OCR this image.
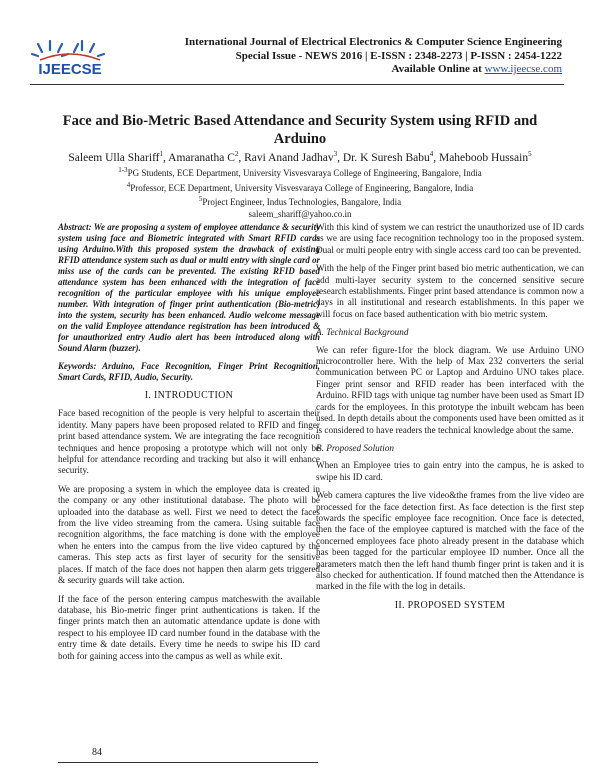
IJEECSE
International Journal of Electrical Electronics & Computer Science Engineering
Special Issue - NEWS 2016 | E-ISSN : 2348-2273 | P-ISSN : 2454-1222
Available Online at www.ijeecse.com
Face and Bio-Metric Based Attendance and Security System using RFID and Arduino
Saleem Ulla Shariff$^1$, Amaranatha $C^2$, Ravi Anand Jadhav$^3$, Dr. K Suresh Babu$^4$, Maheboob Hussain$^5$
$^{1-3}$PG Students, ECE Department, University Visvesvaraya College of Engineering, Bangalore, India
$^4$Professor, ECE Department, University Visvesvaraya College of Engineering, Bangalore, India
$^5$Project Engineer, Indus Technologies, Bangalore, India
saleem_shariff@yahoo.co.in

Abstract: We are proposing a system of employee attendance & security system using face and Biometric integrated with Smart RFID cards using Arduino.With this proposed system the drawback of existing RFID attendance system such as dual or multi entry with single card or miss use of the cards can be prevented. The existing RFID based attendance system has been enhanced with the integration of face recognition of the particular employee with his unique employee number. With integration of finger print authentication (Bio-metric) into the system, security has been enhanced. Audio welcome message on the valid Employee attendance registration has been introduced & for unauthorized entry Audio alert has been introduced along with Sound Alarm (buzzer).

Keywords: Arduino, Face Recognition, Finger Print Recognition, Smart Cards, RFID, Audio, Security.

I. INTRODUCTION

Face based recognition of the people is very helpful to ascertain their identity. Many papers have been proposed related to RFID and finger print based attendance system. We are integrating the face recognition techniques and hence proposing a prototype which will not only be helpful for attendance recording and tracking but also it will enhance security.

We are proposing a system in which the employee data is created in the company or any other institutional database. The photo will be uploaded into the database as well. First we need to detect the faces from the live video streaming from the camera. Using suitable face recognition algorithms, the face matching is done with the employee when he enters into the campus from the live video captured by the cameras. This step acts as first layer of security for the sensitive places. If match of the face does not happen then alarm gets triggered & security guards will take action.

If the face of the person entering campus matcheswith the available database, his Bio-metric finger print authentications is taken. If the finger prints match then an automatic attendance update is done with respect to his employee ID card number found in the database with the entry time & date details. Every time he needs to swipe his ID card both for gaining access into the campus as well as while exit.

With this kind of system we can restrict the unauthorized use of ID cards as we are using face recognition technology too in the proposed system. Dual or multi people entry with single access card too can be prevented.

With the help of the Finger print based bio metric authentication, we can add multi-layer security system to the concerned sensitive secure research establishments. Finger print based attendance is common now a days in all institutional and research establishments. In this paper we will focus on face based authentication with bio metric system.

A. Technical Background

We can refer figure-1for the block diagram. We use Arduino UNO microcontroller here. With the help of Max 232 converters the serial communication between PC or Laptop and Arduino UNO takes place. Finger print sensor and RFID reader has been interfaced with the Arduino. RFID tags with unique tag number have been used as Smart ID cards for the employees. In this prototype the inbuilt webcam has been used. In depth details about the components used have been omitted as it is considered to have readers the technical knowledge about the same.

B. Proposed Solution

When an Employee tries to gain entry into the campus, he is asked to swipe his ID card.

Web camera captures the live video&the frames from the live video are processed for the face detection first. As face detection is the first step towards the specific employee face recognition. Once face is detected, then the face of the employee captured is matched with the face of the concerned employees face photo already present in the database which has been tagged for the particular employee ID number. Once all the parameters match then the left hand thumb finger print is taken and it is also checked for authentication. If found matched then the Attendance is marked in the file with the log in details.

II. PROPOSED SYSTEM
84
